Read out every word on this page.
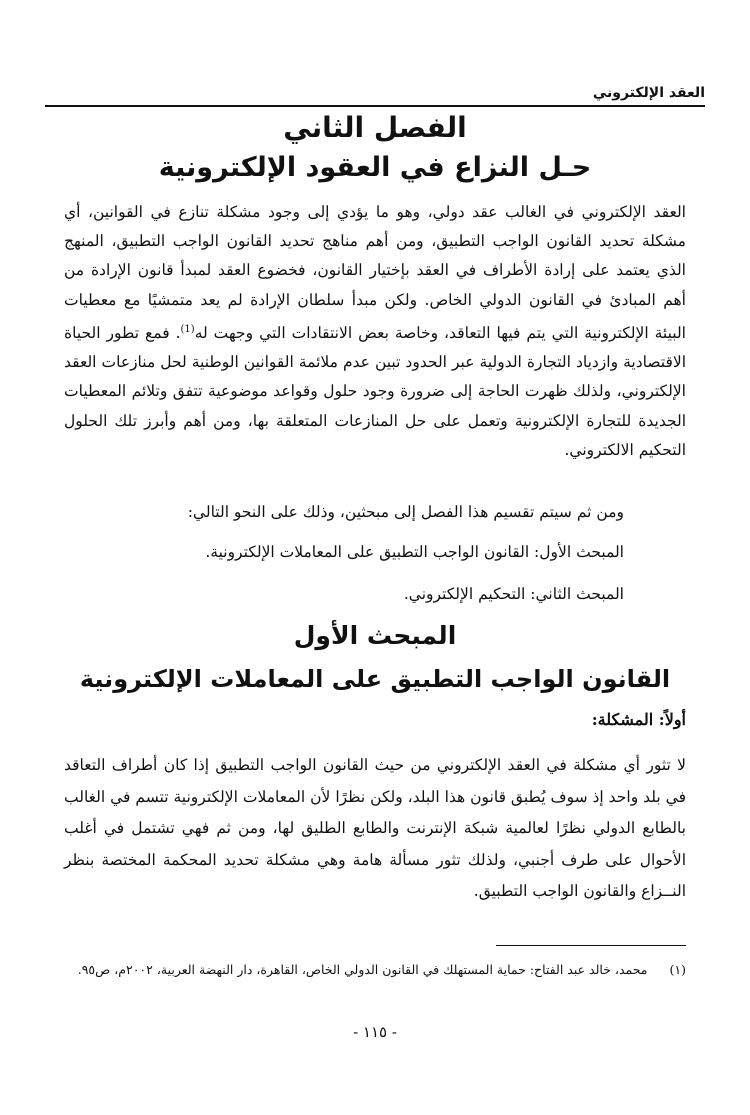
العقد الإلكتروني
الفصل الثاني
حـل النزاع في العقود الإلكترونية

العقد الإلكتروني في الغالب عقد دولي، وهو ما يؤدي إلى وجود مشكلة تنازع في القوانين، أي مشكلة تحديد القانون الواجب التطبيق، ومن أهم مناهج تحديد القانون الواجب التطبيق، المنهج الذي يعتمد على إرادة الأطراف في العقد بإختيار القانون، فخضوع العقد لمبدأ قانون الإرادة من أهم المبادئ في القانون الدولي الخاص. ولكن مبدأ سلطان الإرادة لم يعد متمشيًا مع معطيات البيئة الإلكترونية التي يتم فيها التعاقد، وخاصة بعض الانتقادات التي وجهت له$^{(1)}$. فمع تطور الحياة الاقتصادية وازدياد التجارة الدولية عبر الحدود تبين عدم ملائمة القوانين الوطنية لحل منازعات العقد الإلكتروني، ولذلك ظهرت الحاجة إلى ضرورة وجود حلول وقواعد موضوعية تتفق وتلائم المعطيات الجديدة للتجارة الإلكترونية وتعمل على حل المنازعات المتعلقة بها، ومن أهم وأبرز تلك الحلول التحكيم الالكتروني.

ومن ثم سيتم تقسيم هذا الفصل إلى مبحثين، وذلك على النحو التالي:

المبحث الأول: القانون الواجب التطبيق على المعاملات الإلكترونية.

المبحث الثاني: التحكيم الإلكتروني.

المبحث الأول
القانون الواجب التطبيق على المعاملات الإلكترونية
أولاً: المشكلة:

لا تثور أي مشكلة في العقد الإلكتروني من حيث القانون الواجب التطبيق إذا كان أطراف التعاقد في بلد واحد إذ سوف يُطبق قانون هذا البلد، ولكن نظرًا لأن المعاملات الإلكترونية تتسم في الغالب بالطابع الدولي نظرًا لعالمية شبكة الإنترنت والطابع الطليق لها، ومن ثم فهي تشتمل في أغلب الأحوال على طرف أجنبي، ولذلك تثور مسألة هامة وهي مشكلة تحديد المحكمة المختصة بنظر النــزاع والقانون الواجب التطبيق.

(١)محمد، خالد عبد الفتاح: حماية المستهلك في القانون الدولي الخاص، القاهرة، دار النهضة العربية، ٢٠٠٢م، ص٩٥.
- ١١٥ -
